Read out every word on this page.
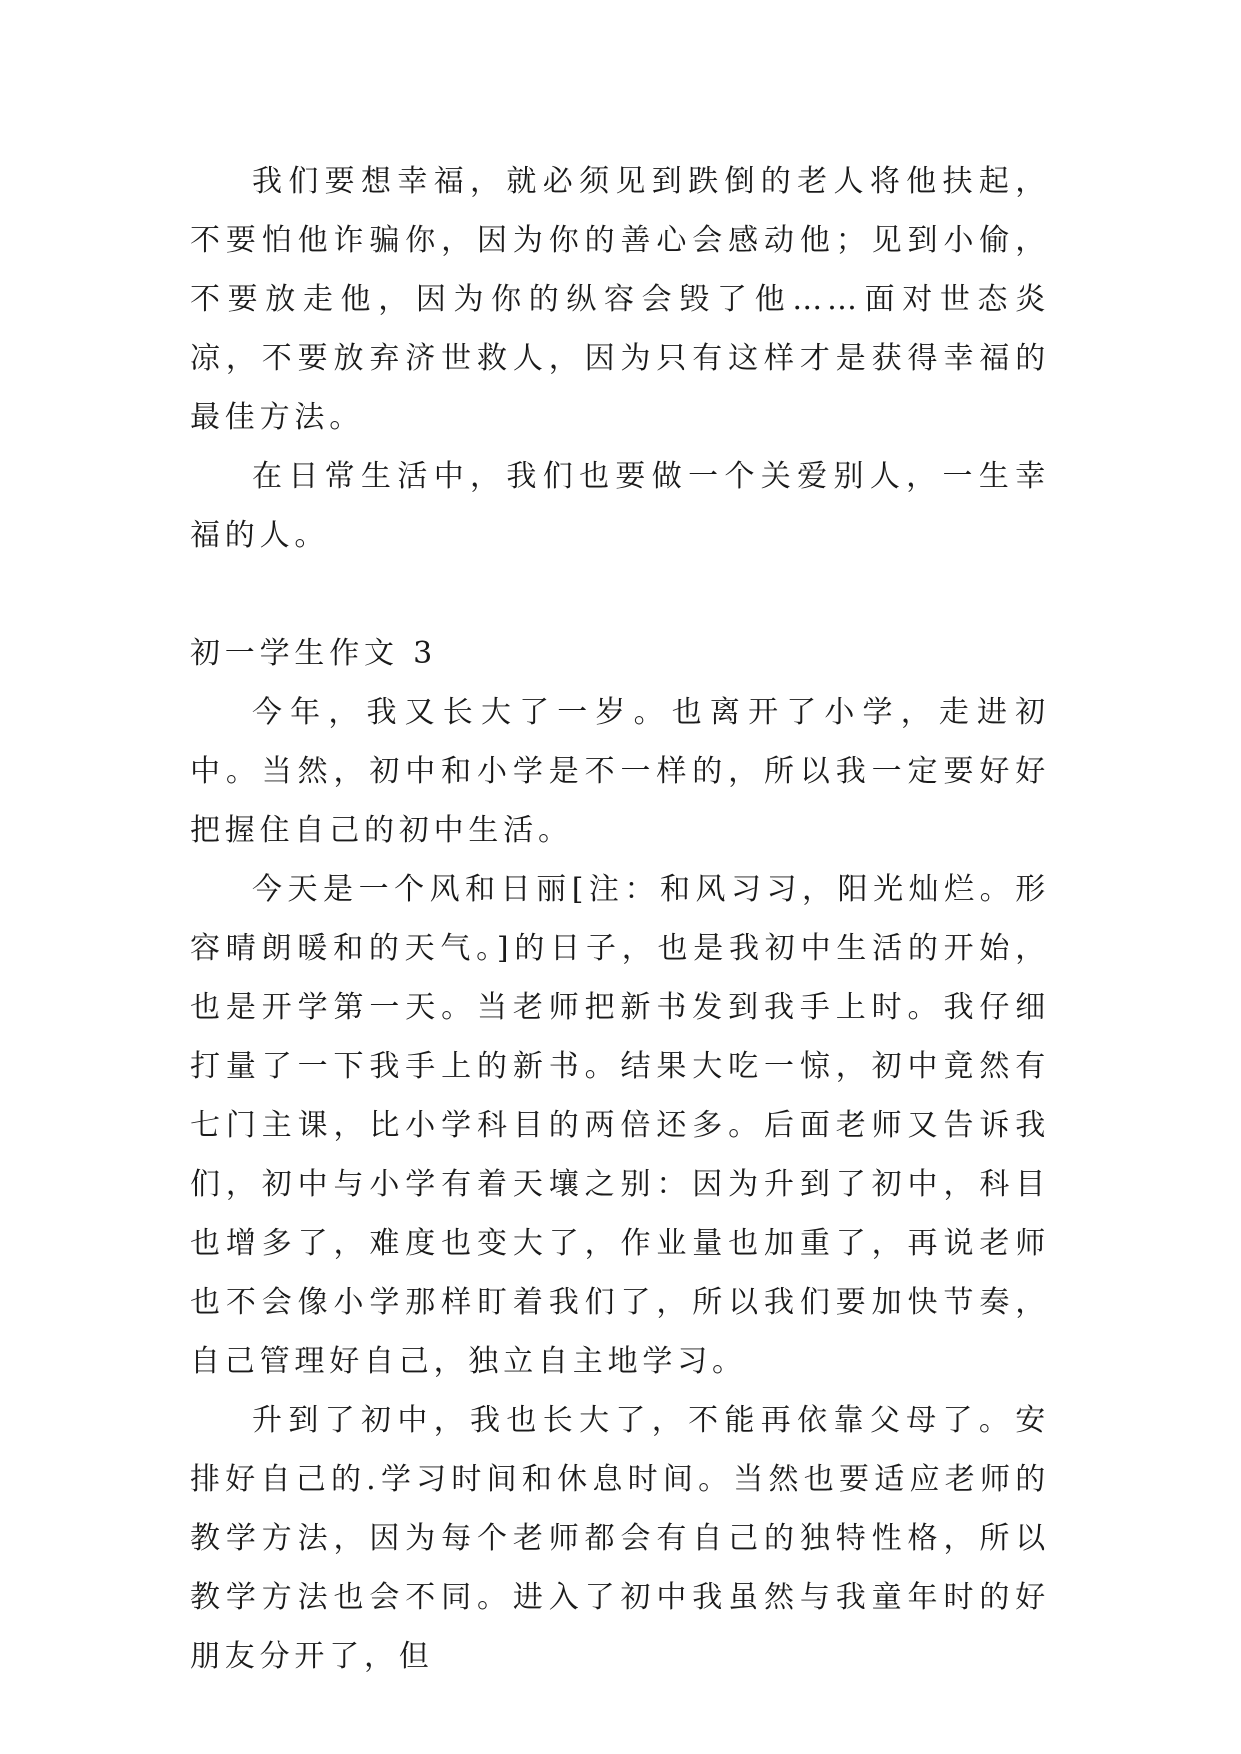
我们要想幸福，就必须见到跌倒的老人将他扶起，不要怕他诈骗你，因为你的善心会感动他；见到小偷，不要放走他，因为你的纵容会毁了他……面对世态炎凉，不要放弃济世救人，因为只有这样才是获得幸福的最佳方法。

在日常生活中，我们也要做一个关爱别人，一生幸福的人。

初一学生作文 3

今年，我又长大了一岁。也离开了小学，走进初中。当然，初中和小学是不一样的，所以我一定要好好把握住自己的初中生活。

今天是一个风和日丽[注：和风习习，阳光灿烂。形容晴朗暖和的天气。]的日子，也是我初中生活的开始，也是开学第一天。当老师把新书发到我手上时。我仔细打量了一下我手上的新书。结果大吃一惊，初中竟然有七门主课，比小学科目的两倍还多。后面老师又告诉我们，初中与小学有着天壤之别：因为升到了初中，科目也增多了，难度也变大了，作业量也加重了，再说老师也不会像小学那样盯着我们了，所以我们要加快节奏，自己管理好自己，独立自主地学习。

升到了初中，我也长大了，不能再依靠父母了。安排好自己的.学习时间和休息时间。当然也要适应老师的教学方法，因为每个老师都会有自己的独特性格，所以教学方法也会不同。进入了初中我虽然与我童年时的好朋友分开了，但
